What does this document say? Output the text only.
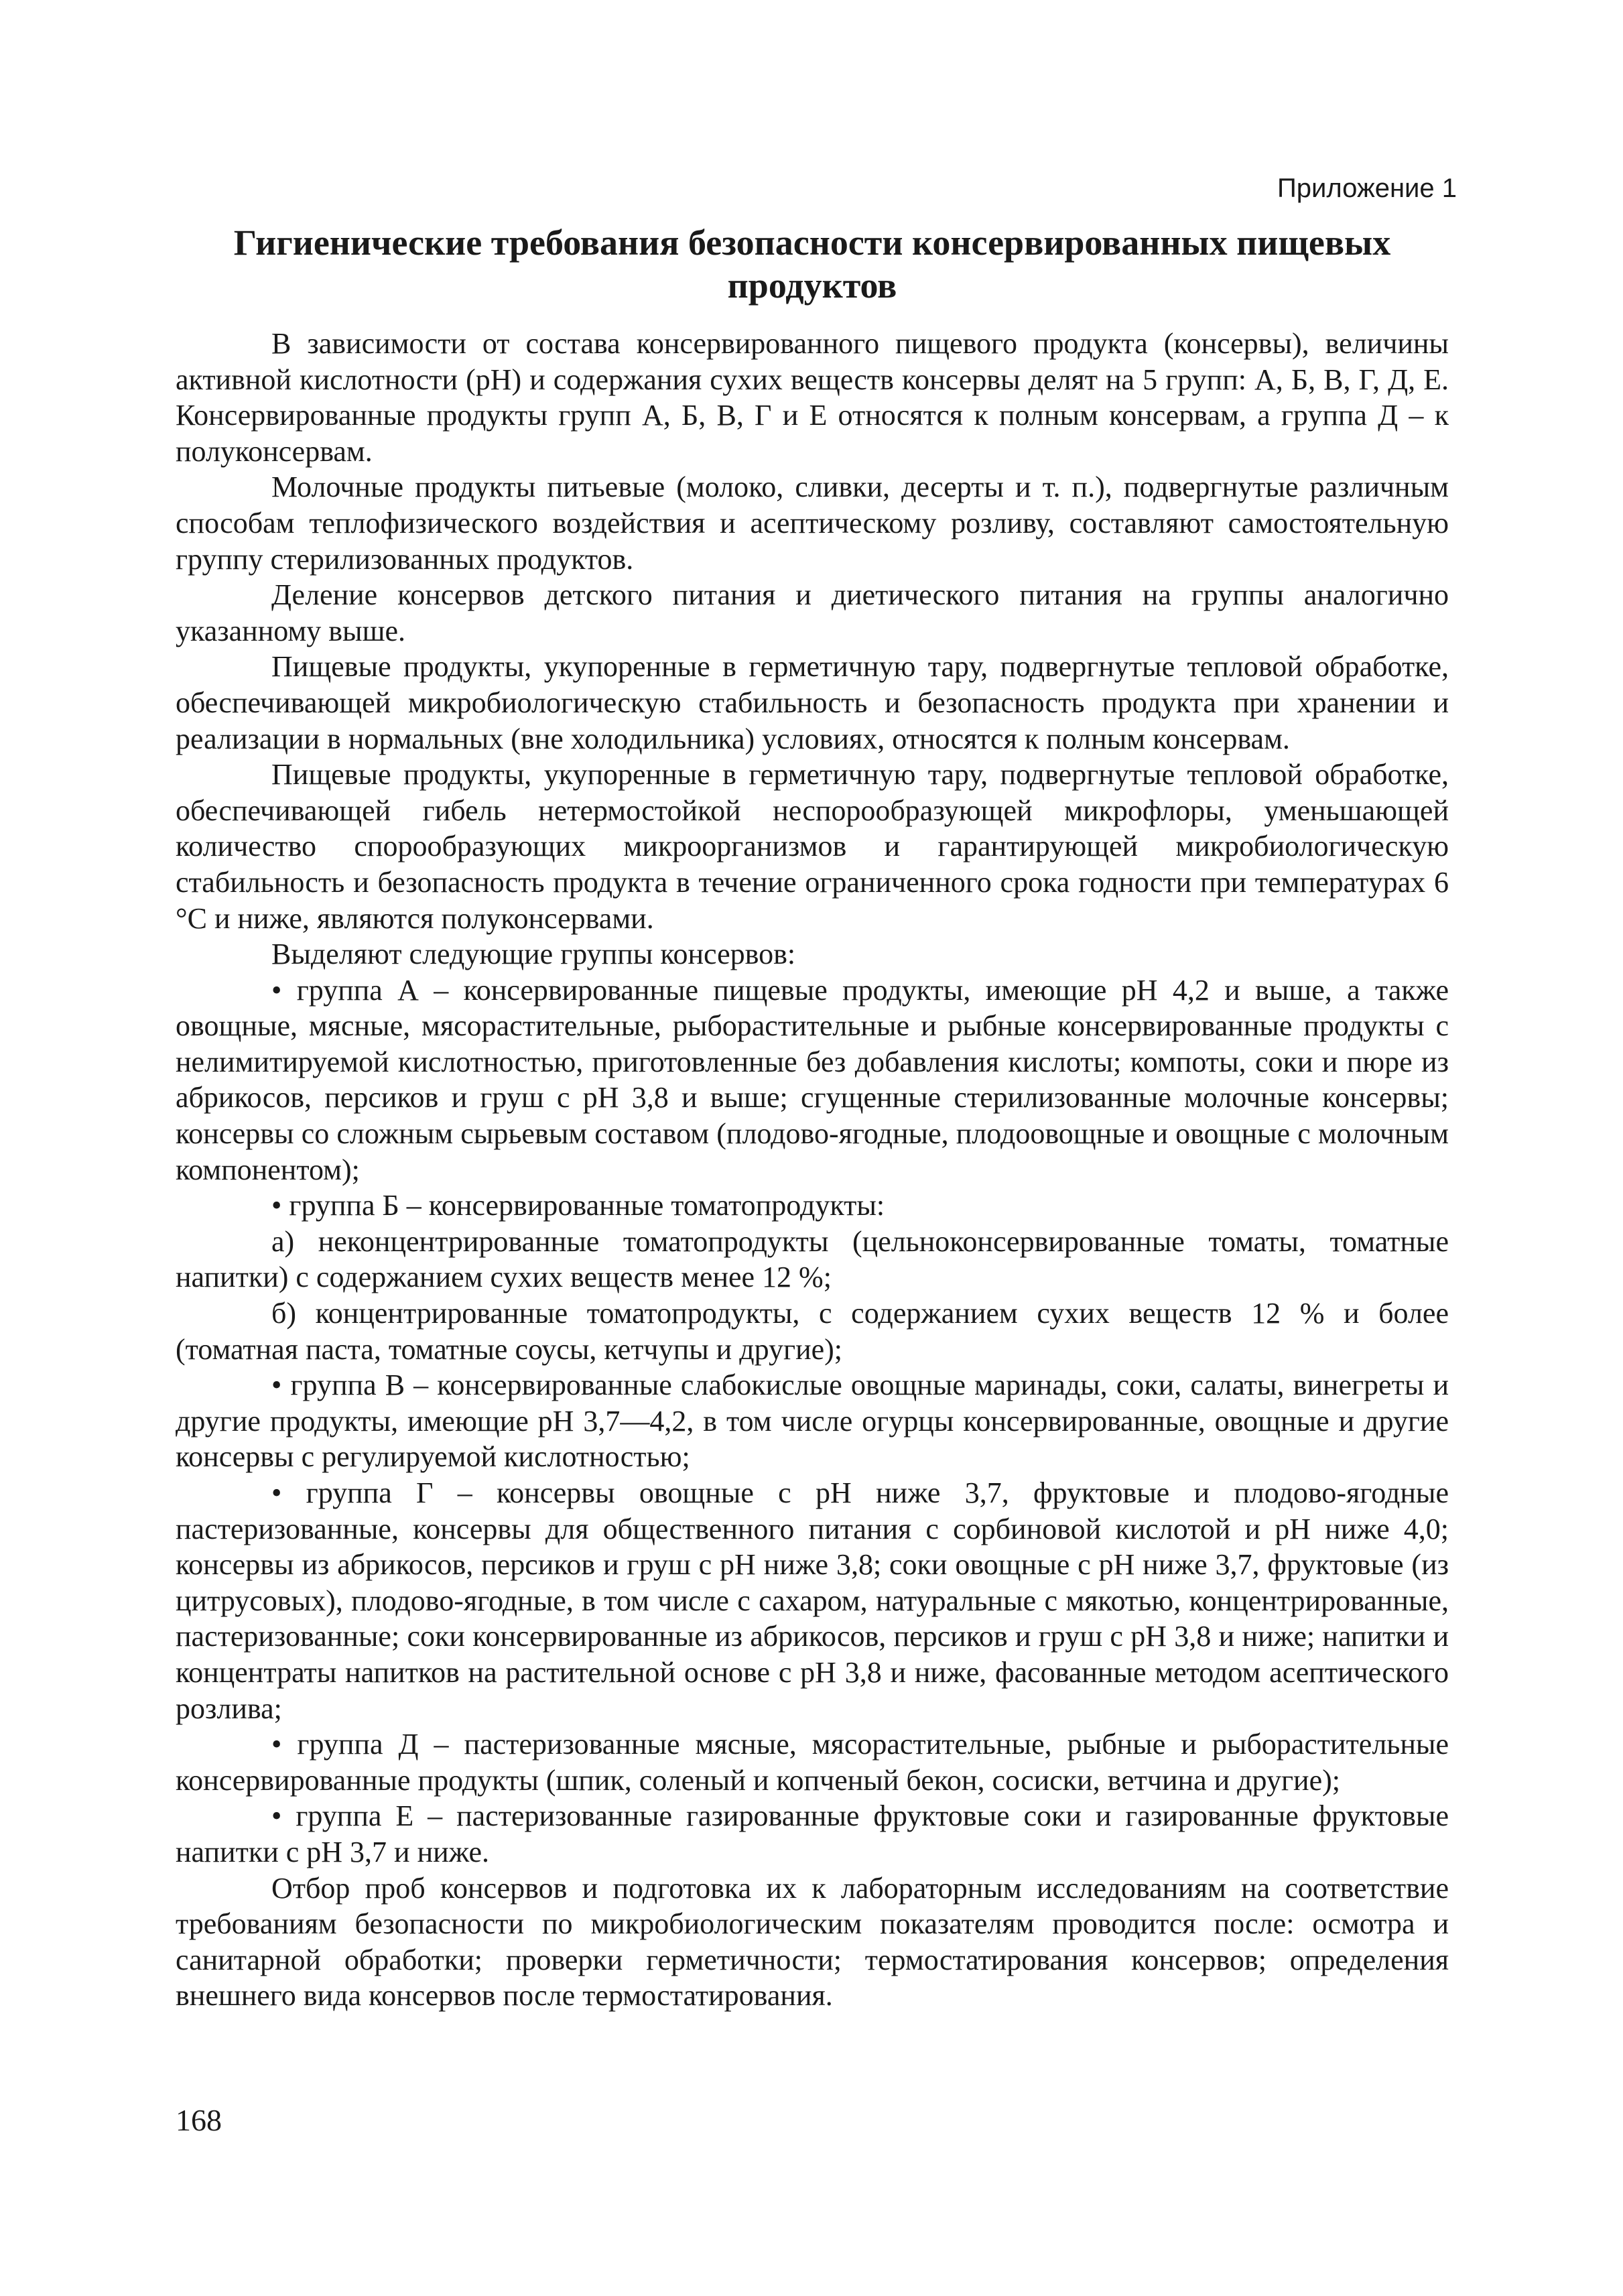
Приложение 1
Гигиенические требования безопасности консервированных пищевых продуктов

В зависимости от состава консервированного пищевого продукта (консервы), величины активной кислотности (pH) и содержания сухих веществ консервы делят на 5 групп: А, Б, В, Г, Д, Е. Консервированные продукты групп А, Б, В, Г и Е относятся к полным консервам, а группа Д – к полуконсервам.

Молочные продукты питьевые (молоко, сливки, десерты и т. п.), подвергнутые различным способам теплофизического воздействия и асептическому розливу, составляют самостоятельную группу стерилизованных продуктов.

Деление консервов детского питания и диетического питания на группы аналогично указанному выше.

Пищевые продукты, укупоренные в герметичную тару, подвергнутые тепловой обработке, обеспечивающей микробиологическую стабильность и безопасность продукта при хранении и реализации в нормальных (вне холодильника) условиях, относятся к полным консервам.

Пищевые продукты, укупоренные в герметичную тару, подвергнутые тепловой обработке, обеспечивающей гибель нетермостойкой неспорообразующей микрофлоры, уменьшающей количество спорообразующих микроорганизмов и гарантирующей микробиологическую стабильность и безопасность продукта в течение ограниченного срока годности при температурах 6 °С и ниже, являются полуконсервами.

Выделяют следующие группы консервов:

• группа А – консервированные пищевые продукты, имеющие pH 4,2 и выше, а также овощные, мясные, мясорастительные, рыборастительные и рыбные консервированные продукты с нелимитируемой кислотностью, приготовленные без добавления кислоты; компоты, соки и пюре из абрикосов, персиков и груш с pH 3,8 и выше; сгущенные стерилизованные молочные консервы; консервы со сложным сырьевым составом (плодово-ягодные, плодоовощные и овощные с молочным компонентом);

• группа Б – консервированные томатопродукты:

а) неконцентрированные томатопродукты (цельноконсервированные томаты, томатные напитки) с содержанием сухих веществ менее 12 %;

б) концентрированные томатопродукты, с содержанием сухих веществ 12 % и более (томатная паста, томатные соусы, кетчупы и другие);

• группа В – консервированные слабокислые овощные маринады, соки, салаты, винегреты и другие продукты, имеющие pH 3,7—4,2, в том числе огурцы консервированные, овощные и другие консервы с регулируемой кислотностью;

• группа Г – консервы овощные с pH ниже 3,7, фруктовые и плодово-ягодные пастеризованные, консервы для общественного питания с сорбиновой кислотой и pH ниже 4,0; консервы из абрикосов, персиков и груш с pH ниже 3,8; соки овощные с pH ниже 3,7, фруктовые (из цитрусовых), плодово-ягодные, в том числе с сахаром, натуральные с мякотью, концентрированные, пастеризованные; соки консервированные из абрикосов, персиков и груш с pH 3,8 и ниже; напитки и концентраты напитков на растительной основе с pH 3,8 и ниже, фасованные методом асептического розлива;

• группа Д – пастеризованные мясные, мясорастительные, рыбные и рыборастительные консервированные продукты (шпик, соленый и копченый бекон, сосиски, ветчина и другие);

• группа Е – пастеризованные газированные фруктовые соки и газированные фруктовые напитки с pH 3,7 и ниже.

Отбор проб консервов и подготовка их к лабораторным исследованиям на соответствие требованиям безопасности по микробиологическим показателям проводится после: осмотра и санитарной обработки; проверки герметичности; термостатирования консервов; определения внешнего вида консервов после термостатирования.

168
